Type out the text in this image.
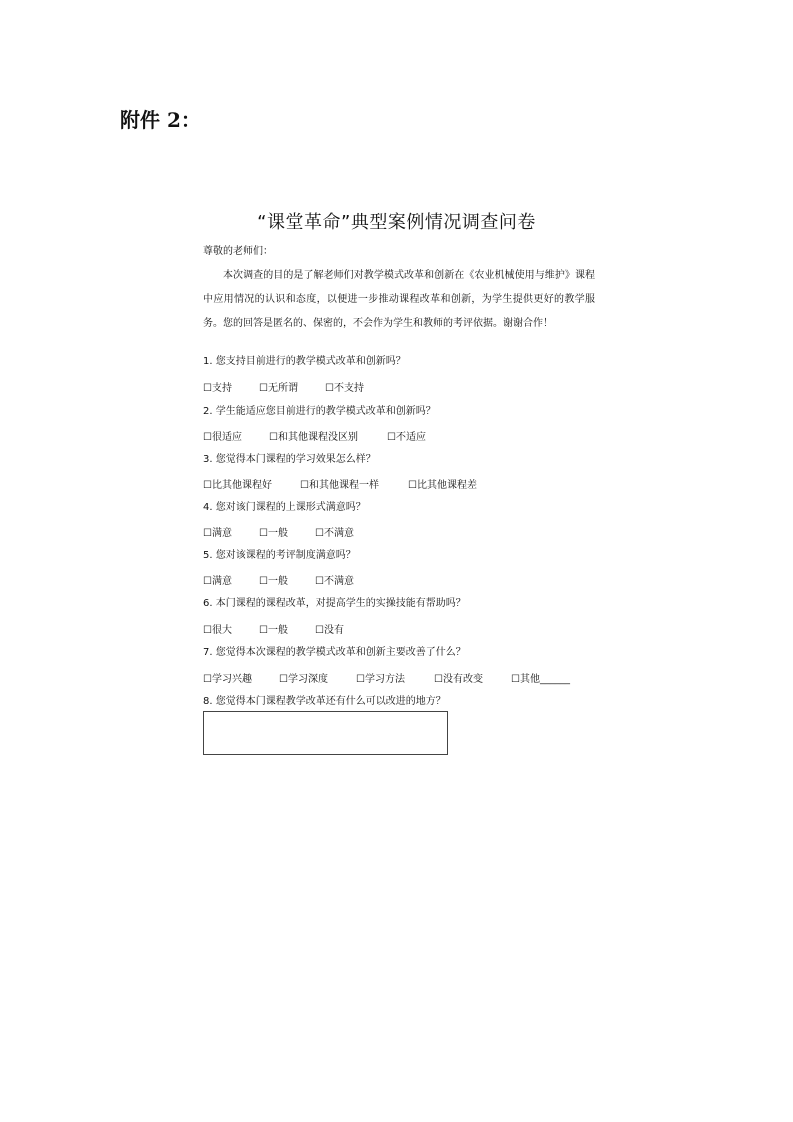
附件 2：
“课堂革命”典型案例情况调查问卷
尊敬的老师们：
本次调查的目的是了解老师们对教学模式改革和创新在《农业机械使用与维护》课程中应用情况的认识和态度，以便进一步推动课程改革和创新，为学生提供更好的教学服务。您的回答是匿名的、保密的，不会作为学生和教师的考评依据。谢谢合作！
1. 您支持目前进行的教学模式改革和创新吗？
☐支持	☐无所谓	☐不支持
2. 学生能适应您目前进行的教学模式改革和创新吗？
☐很适应	☐和其他课程没区别	☐不适应
3. 您觉得本门课程的学习效果怎么样？
☐比其他课程好	☐和其他课程一样	☐比其他课程差
4. 您对该门课程的上课形式满意吗？
☐满意	☐一般	☐不满意
5. 您对该课程的考评制度满意吗？
☐满意	☐一般	☐不满意
6. 本门课程的课程改革，对提高学生的实操技能有帮助吗？
☐很大	☐一般	☐没有
7. 您觉得本次课程的教学模式改革和创新主要改善了什么？
☐学习兴趣	☐学习深度	☐学习方法	☐没有改变	☐其他______
8. 您觉得本门课程教学改革还有什么可以改进的地方？
